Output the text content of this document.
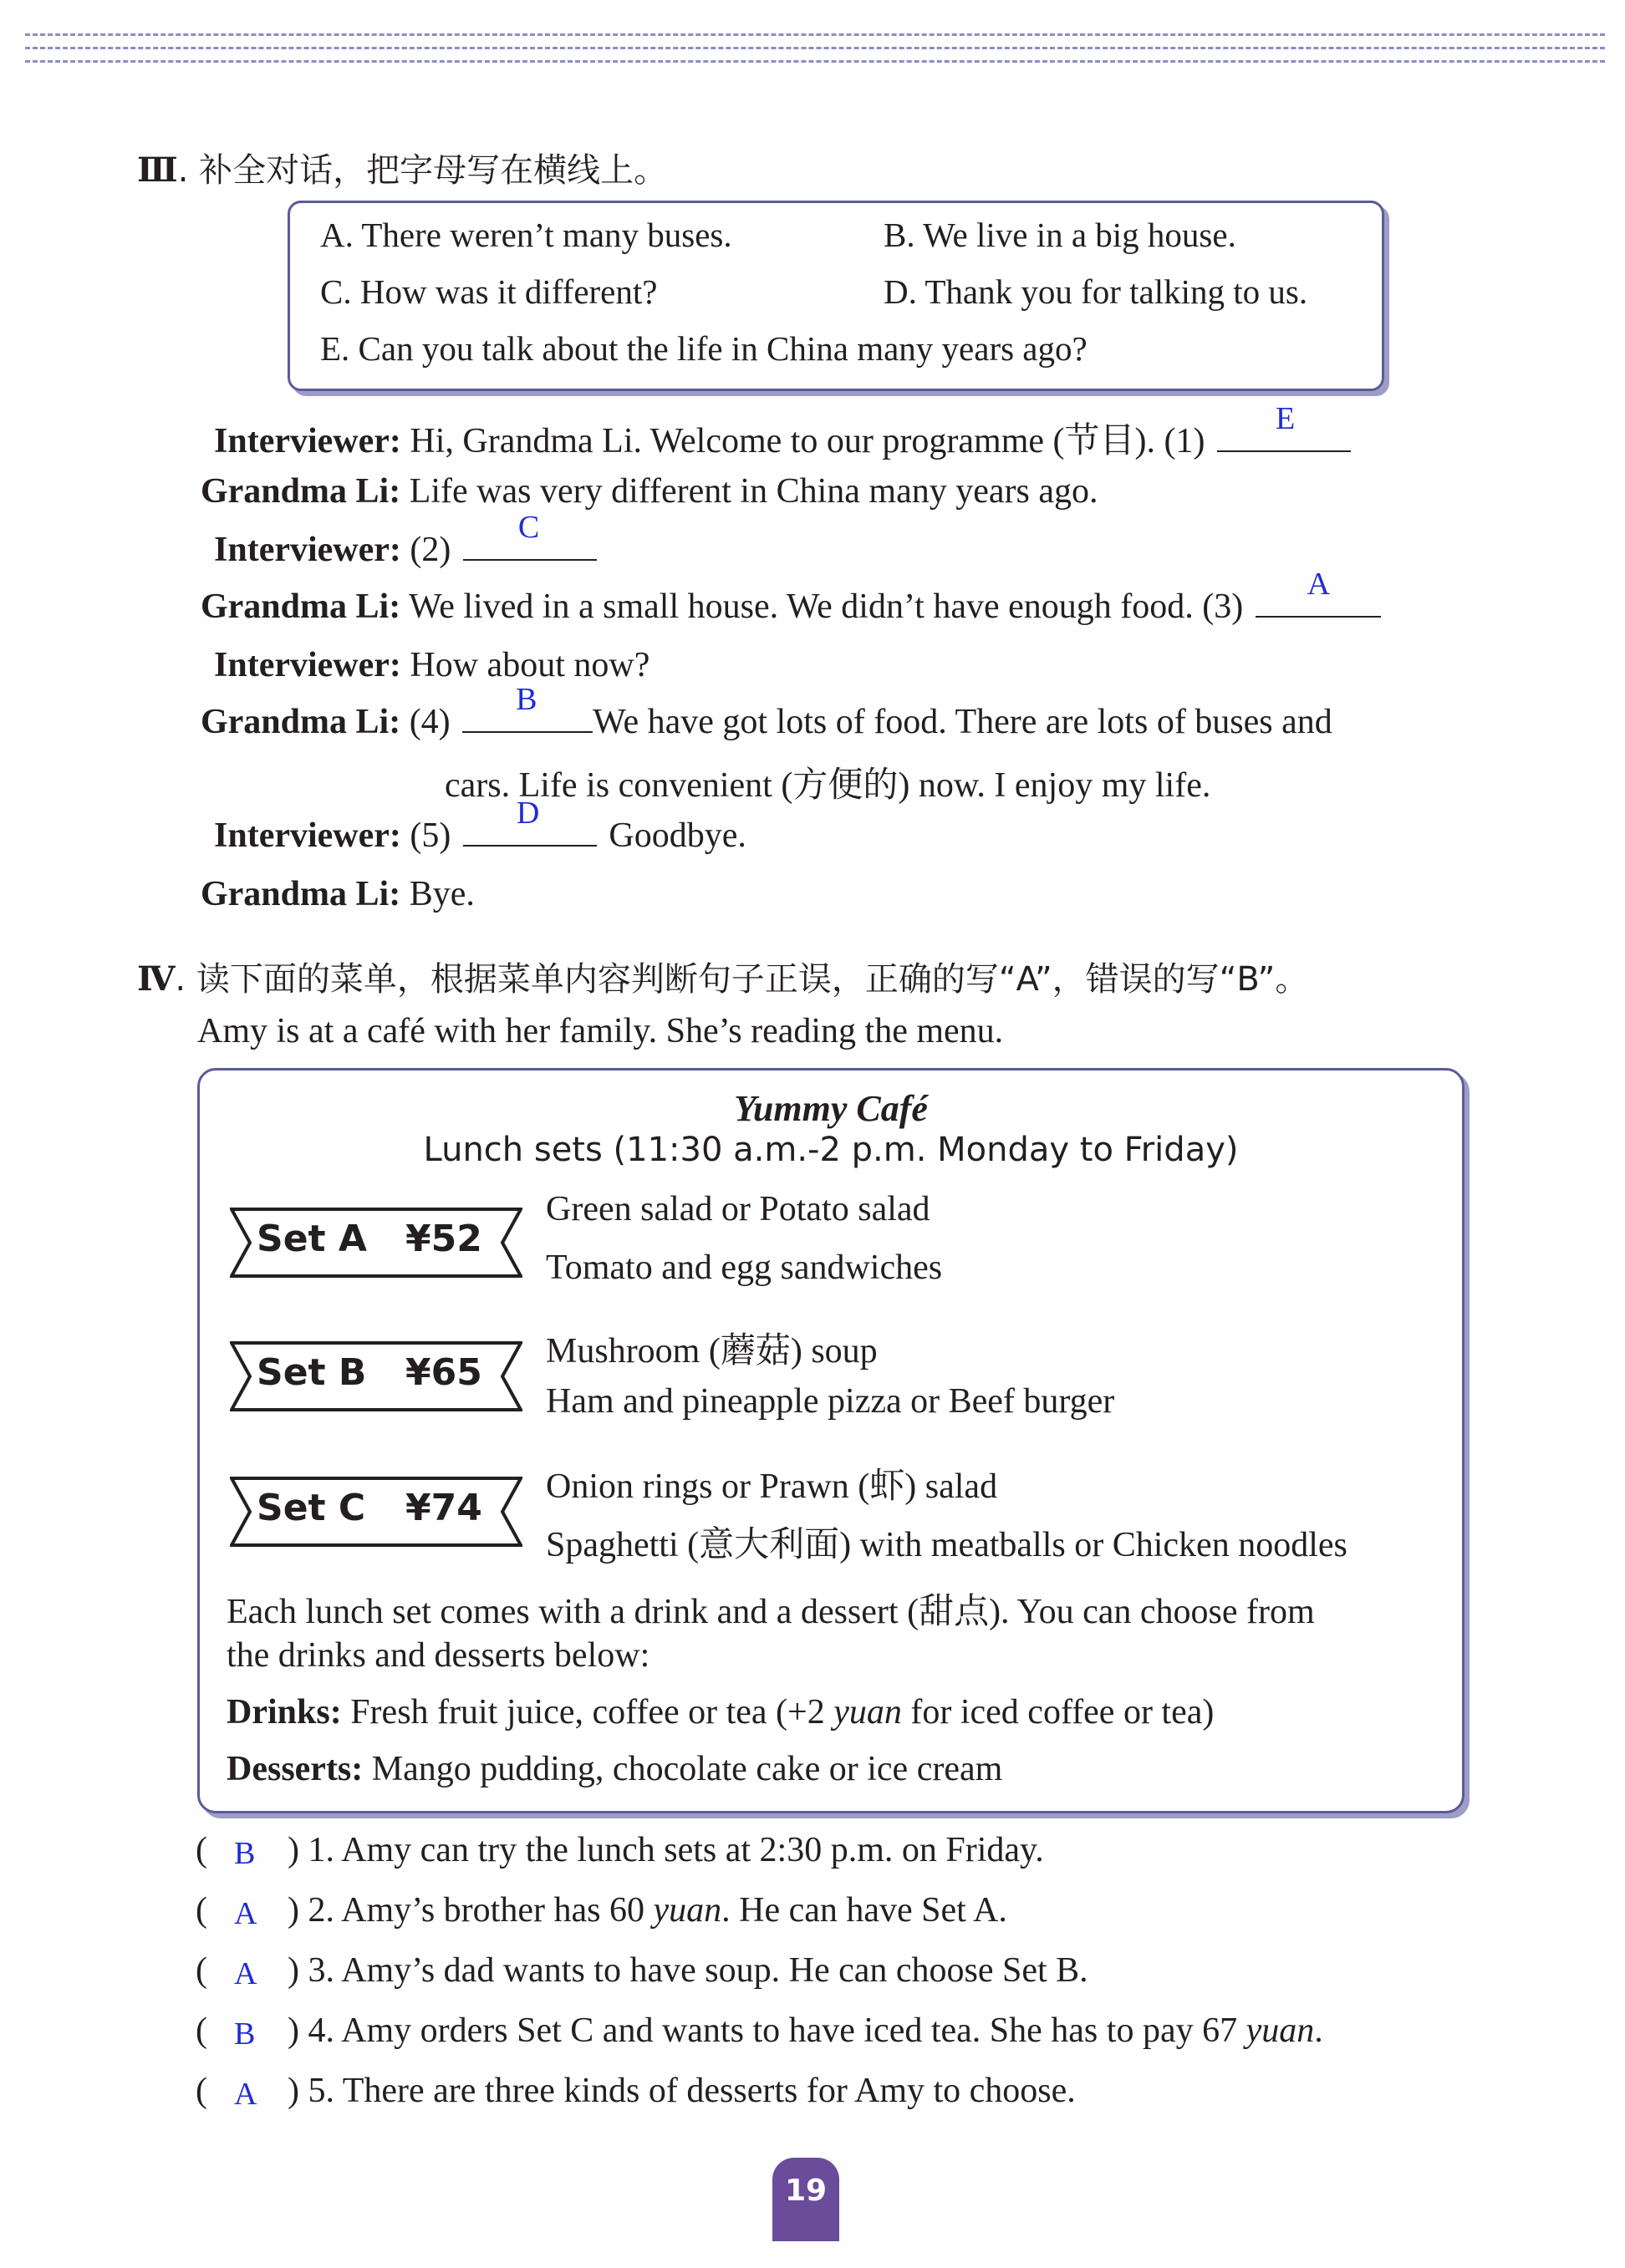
Ⅲ. 补全对话，把字母写在横线上。
A. There weren’t many buses.	B. We live in a big house.
C. How was it different?	D. Thank you for talking to us.
E. Can you talk about the life in China many years ago?
Interviewer: Hi, Grandma Li. Welcome to our programme (节目). (1)
E
Grandma Li: Life was very different in China many years ago.
Interviewer: (2)
C
Grandma Li: We lived in a small house. We didn’t have enough food. (3)
A
Interviewer: How about now?
Grandma Li: (4)
B
We have got lots of food. There are lots of buses and
cars. Life is convenient (方便的) now. I enjoy my life.
Interviewer: (5)
D
Goodbye.
Grandma Li: Bye.
Ⅳ. 读下面的菜单，根据菜单内容判断句子正误，正确的写“A”，错误的写“B”。
Amy is at a café with her family. She’s reading the menu.
Yummy Café
Lunch sets (11:30 a.m.-2 p.m. Monday to Friday)
Set A ¥52
Green salad or Potato salad
Tomato and egg sandwiches
Set B ¥65 Mushroom (蘑菇) soup
Ham and pineapple pizza or Beef burger
Set C ¥74 Onion rings or Prawn (虾) salad
Spaghetti (意大利面) with meatballs or Chicken noodles
Each lunch set comes with a drink and a dessert (甜点). You can choose from
the drinks and desserts below:
Drinks: Fresh fruit juice, coffee or tea (+2 yuan for iced coffee or tea)
Desserts: Mango pudding, chocolate cake or ice cream
( B ) 1. Amy can try the lunch sets at 2:30 p.m. on Friday.
( A ) 2. Amy’s brother has 60 yuan. He can have Set A.
( A ) 3. Amy’s dad wants to have soup. He can choose Set B.
( B ) 4. Amy orders Set C and wants to have iced tea. She has to pay 67 yuan.
( A ) 5. There are three kinds of desserts for Amy to choose.
19
